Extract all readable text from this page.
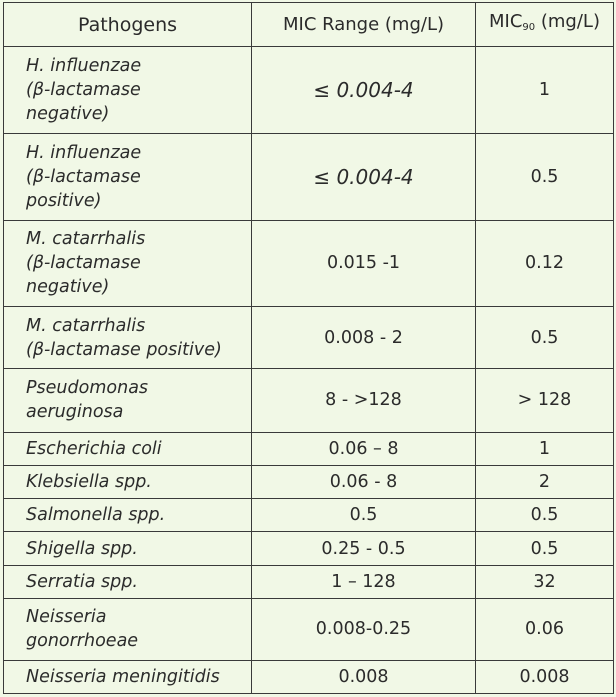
Pathogens	MIC Range (mg/L)	$MIC_{90}$ (mg/L)

H. influenzae
(β-lactamase
negative)	≤ 0.004-4	1

H. influenzae
(β-lactamase
positive)	≤ 0.004-4	0.5

M. catarrhalis
(β-lactamase
negative)	0.015 -1	0.12

M. catarrhalis
(β-lactamase positive)	0.008 - 2	0.5

Pseudomonas
aeruginosa	8 - >128	> 128

Escherichia coli	0.06 – 8	1

Klebsiella spp.	0.06 - 8	2

Salmonella spp.	0.5	0.5

Shigella spp.	0.25 - 0.5	0.5

Serratia spp.	1 – 128	32

Neisseria
gonorrhoeae	0.008-0.25	0.06

Neisseria meningitidis	0.008	0.008
